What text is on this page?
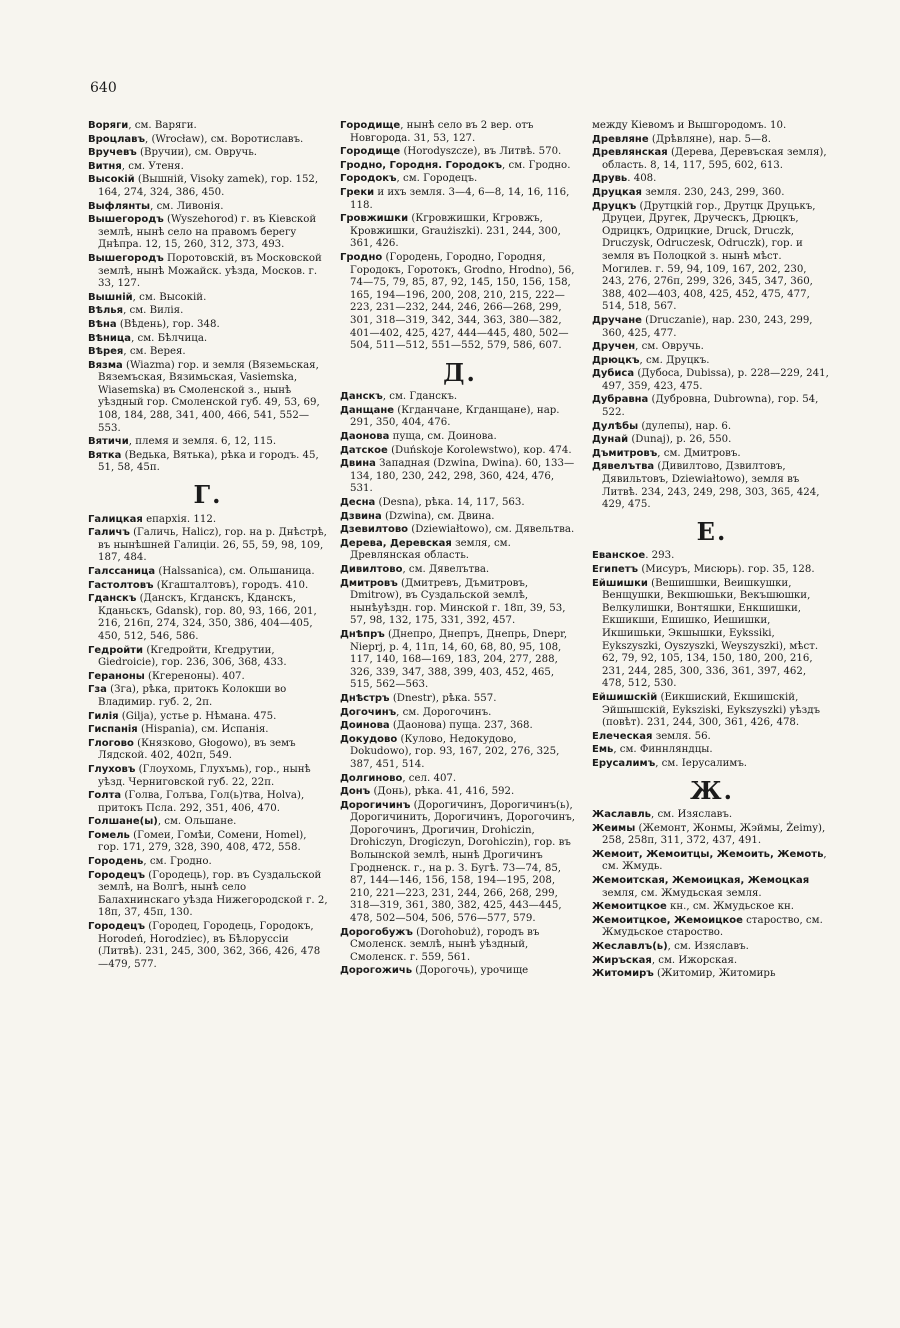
640
Воряги, см. Варяги.
Вроцлавъ, (Wrocław), см. Воротиславъ.
Вручевъ (Вручии), см. Овручь.
Витня, см. Утеня.
Высокій (Вышній, Visoky zamek), гор. 152, 164, 274, 324, 386, 450.
Выфлянты, см. Ливонія.
Вышегородъ (Wyszehorod) г. въ Кіевской землѣ, нынѣ село на правомъ берегу Днѣпра. 12, 15, 260, 312, 373, 493.
Вышегородъ Поротовскій, въ Московской землѣ, нынѣ Можайск. уѣзда, Москов. г. 33, 127.
Вышній, см. Высокій.
Вѣлья, см. Вилія.
Вѣна (Вѣдень), гор. 348.
Вѣница, см. Бѣлчица.
Вѣрея, см. Верея.
Вязма (Wiazma) гор. и земля (Вяземьская, Вяземъская, Вязимьская, Vasiemska, Wiasemska) въ Смоленской з., нынѣ уѣздный гор. Смоленской губ. 49, 53, 69, 108, 184, 288, 341, 400, 466, 541, 552—553.
Вятичи, племя и земля. 6, 12, 115.
Вятка (Ведька, Вятька), рѣка и городъ. 45, 51, 58, 45п.
Г.
Галицкая епархія. 112.
Галичъ (Галичь, Halicz), гор. на р. Днѣстрѣ, въ нынѣшней Галиціи. 26, 55, 59, 98, 109, 187, 484.
Галссаница (Halssanica), см. Ольшаница.
Гастолтовъ (Кгаштaлтовъ), городъ. 410.
Гданскъ (Данскъ, Кгданскъ, Кданскъ, Кданьскъ, Gdansk), гор. 80, 93, 166, 201, 216, 216п, 274, 324, 350, 386, 404—405, 450, 512, 546, 586.
Гедройти (Кгедройти, Кгедрутии, Giedroicie), гор. 236, 306, 368, 433.
Гераноны (Кгереноны). 407.
Гза (Зга), рѣка, притокъ Колокши во Владимир. губ. 2, 2п.
Гилія (Gilja), устье р. Нѣмана. 475.
Гиспанія (Hispania), см. Испанія.
Глогово (Князково, Głogowo), въ земъ Лядской. 402, 402п, 549.
Глуховъ (Глоухомь, Глухъмь), гор., нынѣ уѣзд. Черниговской губ. 22, 22п.
Голта (Голва, Голъва, Гол(ь)тва, Holva), притокъ Псла. 292, 351, 406, 470.
Голшане(ы), см. Ольшане.
Гомель (Гомеи, Гомѣи, Сомени, Homel), гор. 171, 279, 328, 390, 408, 472, 558.
Городень, см. Гродно.
Городецъ (Городець), гор. въ Суздальской землѣ, на Волгѣ, нынѣ село Балахнинскаго уѣзда Нижегородской г. 2, 18п, 37, 45п, 130.
Городецъ (Городец, Городець, Городокъ, Horodeń, Horodziec), въ Бѣлоруссіи (Литвѣ). 231, 245, 300, 362, 366, 426, 478—479, 577.
Городище, нынѣ село въ 2 вер. отъ Новгорода. 31, 53, 127.
Городище (Horodyszcze), въ Литвѣ. 570.
Гродно, Городня. Городокъ, см. Гродно.
Городокъ, см. Городецъ.
Греки и ихъ земля. 3—4, 6—8, 14, 16, 116, 118.
Гровжишки (Кгровжишки, Кгровжъ, Кровжишки, Graużiszki). 231, 244, 300, 361, 426.
Гродно (Городень, Городно, Городня, Городокъ, Горотокъ, Grodno, Hrodno), 56, 74—75, 79, 85, 87, 92, 145, 150, 156, 158, 165, 194—196, 200, 208, 210, 215, 222—223, 231—232, 244, 246, 266—268, 299, 301, 318—319, 342, 344, 363, 380—382, 401—402, 425, 427, 444—445, 480, 502—504, 511—512, 551—552, 579, 586, 607.
Д.
Данскъ, см. Гданскъ.
Данщане (Кгданчане, Кгданщане), нар. 291, 350, 404, 476.
Даонова пуща, см. Доинова.
Датское (Duńskoje Korolewstwo), кор. 474.
Двина Западная (Dzwina, Dwina). 60, 133—134, 180, 230, 242, 298, 360, 424, 476, 531.
Десна (Desna), рѣка. 14, 117, 563.
Дзвина (Dzwina), см. Двина.
Дзевилтово (Dziewiałtowo), см. Дявельтва.
Дерева, Деревская земля, см. Древлянская область.
Дивилтово, см. Дявелътва.
Дмитровъ (Дмитревъ, Дъмитровъ, Dmitrow), въ Суздальской землѣ, нынѣуѣздн. гор. Минской г. 18п, 39, 53, 57, 98, 132, 175, 331, 392, 457.
Днѣпръ (Днепро, Днепръ, Днепрь, Dnepr, Nieprj, р. 4, 11п, 14, 60, 68, 80, 95, 108, 117, 140, 168—169, 183, 204, 277, 288, 326, 339, 347, 388, 399, 403, 452, 465, 515, 562—563.
Днѣстръ (Dnestr), рѣка. 557.
Догочинъ, см. Дорогочинъ.
Доинова (Даонова) пуща. 237, 368.
Докудово (Кулово, Недокудово, Dokudowo), гор. 93, 167, 202, 276, 325, 387, 451, 514.
Долгиново, сел. 407.
Донъ (Донь), рѣка. 41, 416, 592.
Дорогичинъ (Дорогичинъ, Дорогичинъ(ь), Дорогичинить, Дорогичинъ, Дорогочинъ, Дорогочинъ, Дрогичин, Drohiczin, Drohiczyn, Drogiczyn, Dorohiczin), гор. въ Волынской землѣ, нынѣ Дрогичинъ Гродненск. г., на р. З. Бугѣ. 73—74, 85, 87, 144—146, 156, 158, 194—195, 208, 210, 221—223, 231, 244, 266, 268, 299, 318—319, 361, 380, 382, 425, 443—445, 478, 502—504, 506, 576—577, 579.
Дорогобужъ (Dorohobuż), городъ въ Смоленск. землѣ, нынѣ уѣздный, Смоленск. г. 559, 561.
Дорогожичь (Дорогочь), урочище
между Кіевомъ и Вышгородомъ. 10.
Древляне (Дрѣвляне), нар. 5—8.
Древлянская (Дерева, Деревъская земля), область. 8, 14, 117, 595, 602, 613.
Друвь. 408.
Друцкая земля. 230, 243, 299, 360.
Друцкъ (Друтцкій гор., Друтцк Друцькъ, Друцеи, Другек, Друческъ, Дрюцкъ, Одрицкъ, Одрицкие, Druck, Druczk, Druczysk, Odruczesk, Odruczk), гор. и земля въ Полоцкой з. нынѣ мѣст. Могилев. г. 59, 94, 109, 167, 202, 230, 243, 276, 276п, 299, 326, 345, 347, 360, 388, 402—403, 408, 425, 452, 475, 477, 514, 518, 567.
Дручане (Druczanie), нар. 230, 243, 299, 360, 425, 477.
Дручен, см. Овручь.
Дрюцкъ, см. Друцкъ.
Дубиса (Дубоса, Dubissa), р. 228—229, 241, 497, 359, 423, 475.
Дубравна (Дубровна, Dubrowna), гор. 54, 522.
Дулѣбы (дулепы), нар. 6.
Дунай (Dunaj), р. 26, 550.
Дъмитровъ, см. Дмитровъ.
Дявелътва (Дивилтово, Дзвилтовъ, Дявильтовъ, Dziewiałtowo), земля въ Литвѣ. 234, 243, 249, 298, 303, 365, 424, 429, 475.
Е.
Еванское. 293.
Египетъ (Мисуръ, Мисюрь). гор. 35, 128.
Ейшишки (Вешишшки, Веишкушки, Венщушки, Векшюшьки, Векъшюшки, Велкулишки, Вонтяшки, Енкшишки, Екшикши, Ешишко, Иешишки, Икшишьки, Экшышки, Eykssiki, Eykszyszki, Oyszyszki, Weyszyszki), мѣст. 62, 79, 92, 105, 134, 150, 180, 200, 216, 231, 244, 285, 300, 336, 361, 397, 462, 478, 512, 530.
Ейшишскій (Еикшиский, Екшишскій, Эйшышскій, Eyksziski, Eykszyszki) уѣздъ (повѣт). 231, 244, 300, 361, 426, 478.
Елеческая земля. 56.
Емь, см. Финнляндцы.
Ерусалимъ, см. Іерусалимъ.
Ж.
Жаславль, см. Изяславъ.
Жеимы (Жемонт, Жонмы, Жэймы, Żeimy), 258, 258п, 311, 372, 437, 491.
Жемоит, Жемоитцы, Жемоить, Жемоть, см. Жмудь.
Жемоитская, Жемоицкая, Жемоцкая земля, см. Жмудьская земля.
Жемоитцкое кн., см. Жмудьское кн.
Жемоитцкое, Жемоицкое староство, см. Жмудьское староство.
Жеславлъ(ь), см. Изяславъ.
Жиръская, см. Ижорская.
Житомиръ (Житомир, Житомирь
